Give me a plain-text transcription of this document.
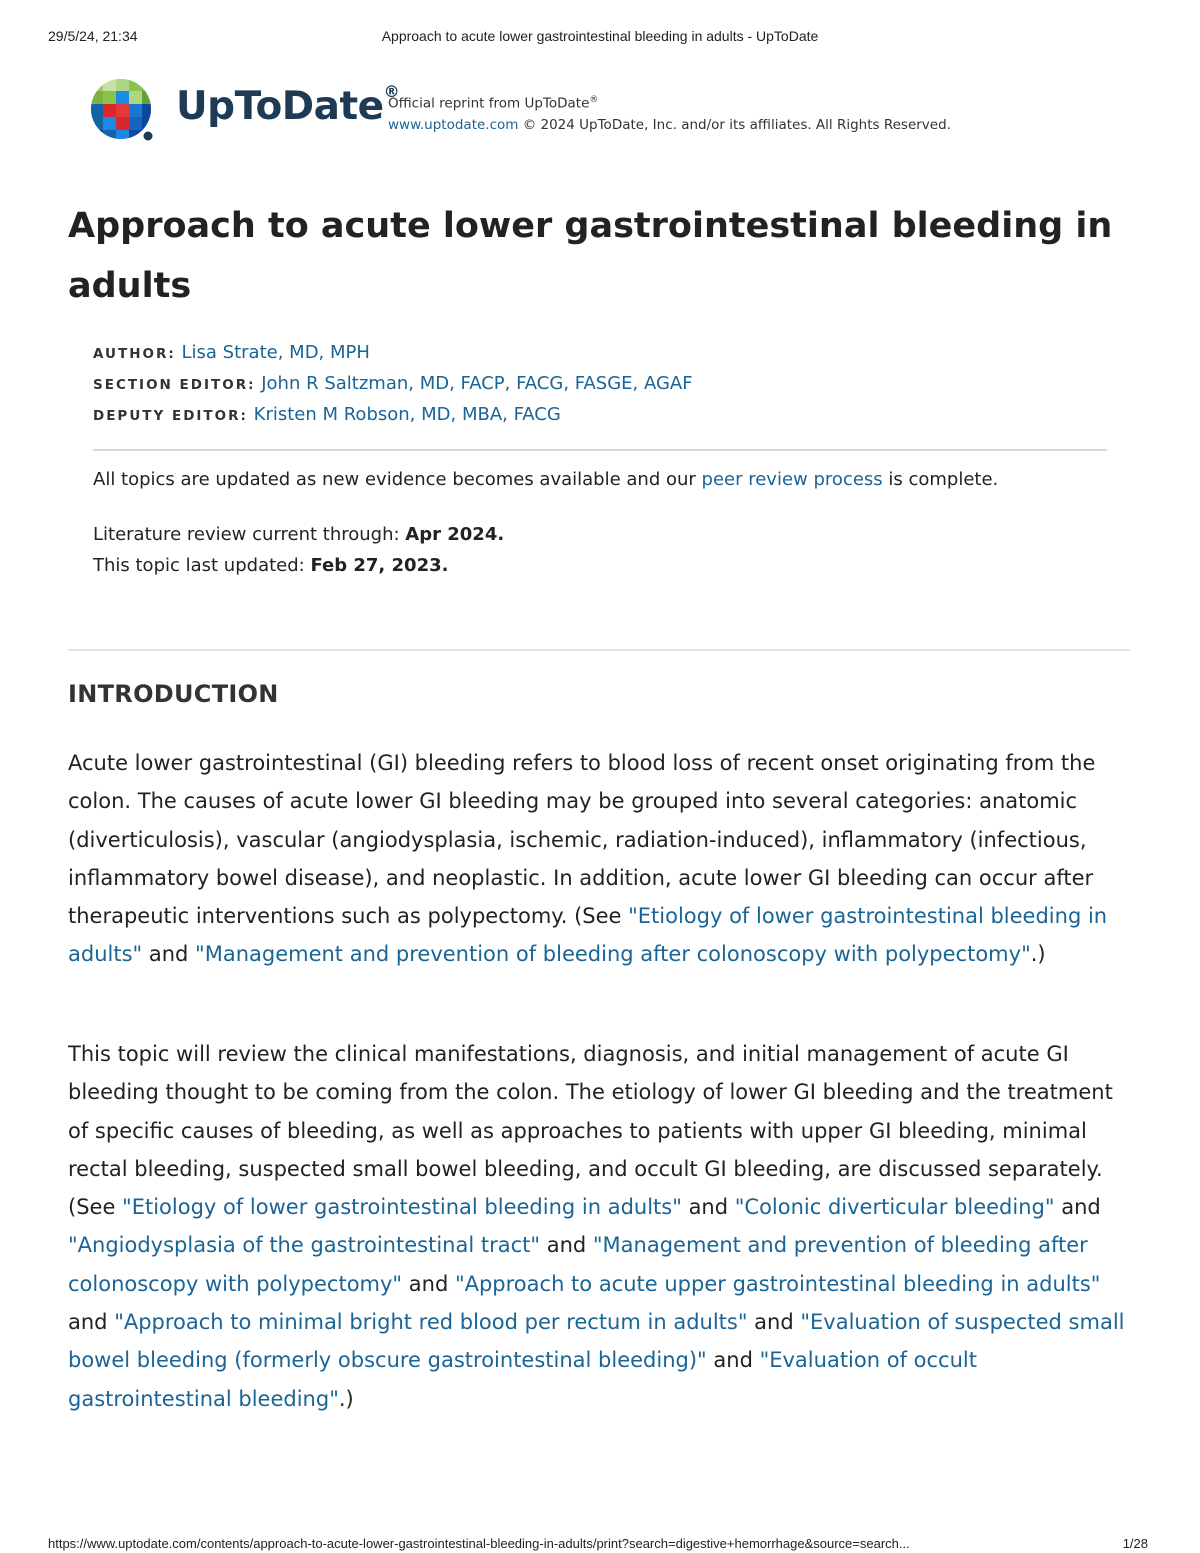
29/5/24, 21:34	Approach to acute lower gastrointestinal bleeding in adults - UpToDate
UpToDate®
Official reprint from UpToDate®
www.uptodate.com © 2024 UpToDate, Inc. and/or its affiliates. All Rights Reserved.
Approach to acute lower gastrointestinal bleeding in adults
AUTHOR: Lisa Strate, MD, MPH
SECTION EDITOR: John R Saltzman, MD, FACP, FACG, FASGE, AGAF
DEPUTY EDITOR: Kristen M Robson, MD, MBA, FACG

All topics are updated as new evidence becomes available and our peer review process is complete.

Literature review current through: Apr 2024.
This topic last updated: Feb 27, 2023.
INTRODUCTION

Acute lower gastrointestinal (GI) bleeding refers to blood loss of recent onset originating from the colon. The causes of acute lower GI bleeding may be grouped into several categories: anatomic (diverticulosis), vascular (angiodysplasia, ischemic, radiation-induced), inflammatory (infectious, inflammatory bowel disease), and neoplastic. In addition, acute lower GI bleeding can occur after therapeutic interventions such as polypectomy. (See "Etiology of lower gastrointestinal bleeding in adults" and "Management and prevention of bleeding after colonoscopy with polypectomy".)

This topic will review the clinical manifestations, diagnosis, and initial management of acute GI bleeding thought to be coming from the colon. The etiology of lower GI bleeding and the treatment of specific causes of bleeding, as well as approaches to patients with upper GI bleeding, minimal rectal bleeding, suspected small bowel bleeding, and occult GI bleeding, are discussed separately. (See "Etiology of lower gastrointestinal bleeding in adults" and "Colonic diverticular bleeding" and "Angiodysplasia of the gastrointestinal tract" and "Management and prevention of bleeding after colonoscopy with polypectomy" and "Approach to acute upper gastrointestinal bleeding in adults" and "Approach to minimal bright red blood per rectum in adults" and "Evaluation of suspected small bowel bleeding (formerly obscure gastrointestinal bleeding)" and "Evaluation of occult gastrointestinal bleeding".)

https://www.uptodate.com/contents/approach-to-acute-lower-gastrointestinal-bleeding-in-adults/print?search=digestive+hemorrhage&source=search...	1/28
